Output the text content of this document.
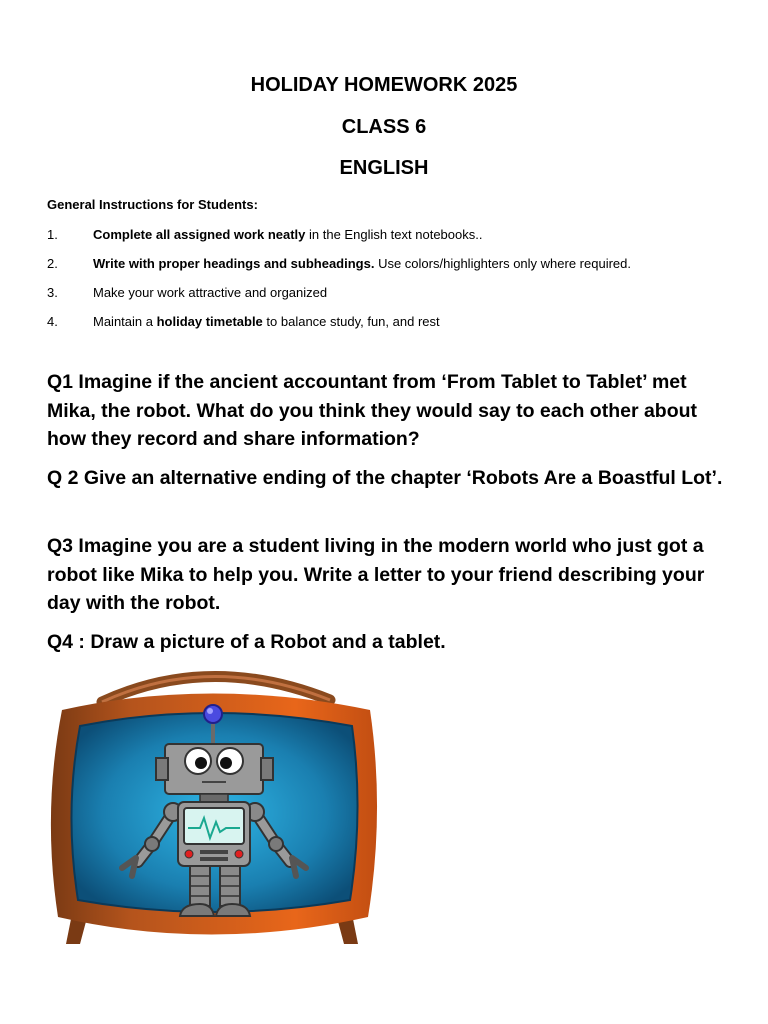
HOLIDAY HOMEWORK 2025
CLASS 6
ENGLISH
General Instructions for Students:
1.	Complete all assigned work neatly in the English text notebooks..
2.	Write with proper headings and subheadings. Use colors/highlighters only where required.
3.	Make your work attractive and organized
4.	Maintain a holiday timetable to balance study, fun, and rest
Q1 Imagine if the ancient accountant from ‘From Tablet to Tablet’ met Mika, the robot. What do you think they would say to each other about how they record and share information?
Q 2 Give an alternative ending of the chapter ‘Robots Are a Boastful Lot’.
Q3 Imagine you are a student living in the modern world who just got a robot like Mika to help you. Write a letter to your friend describing your day with the robot.
Q4 : Draw a picture of a Robot and a tablet.
